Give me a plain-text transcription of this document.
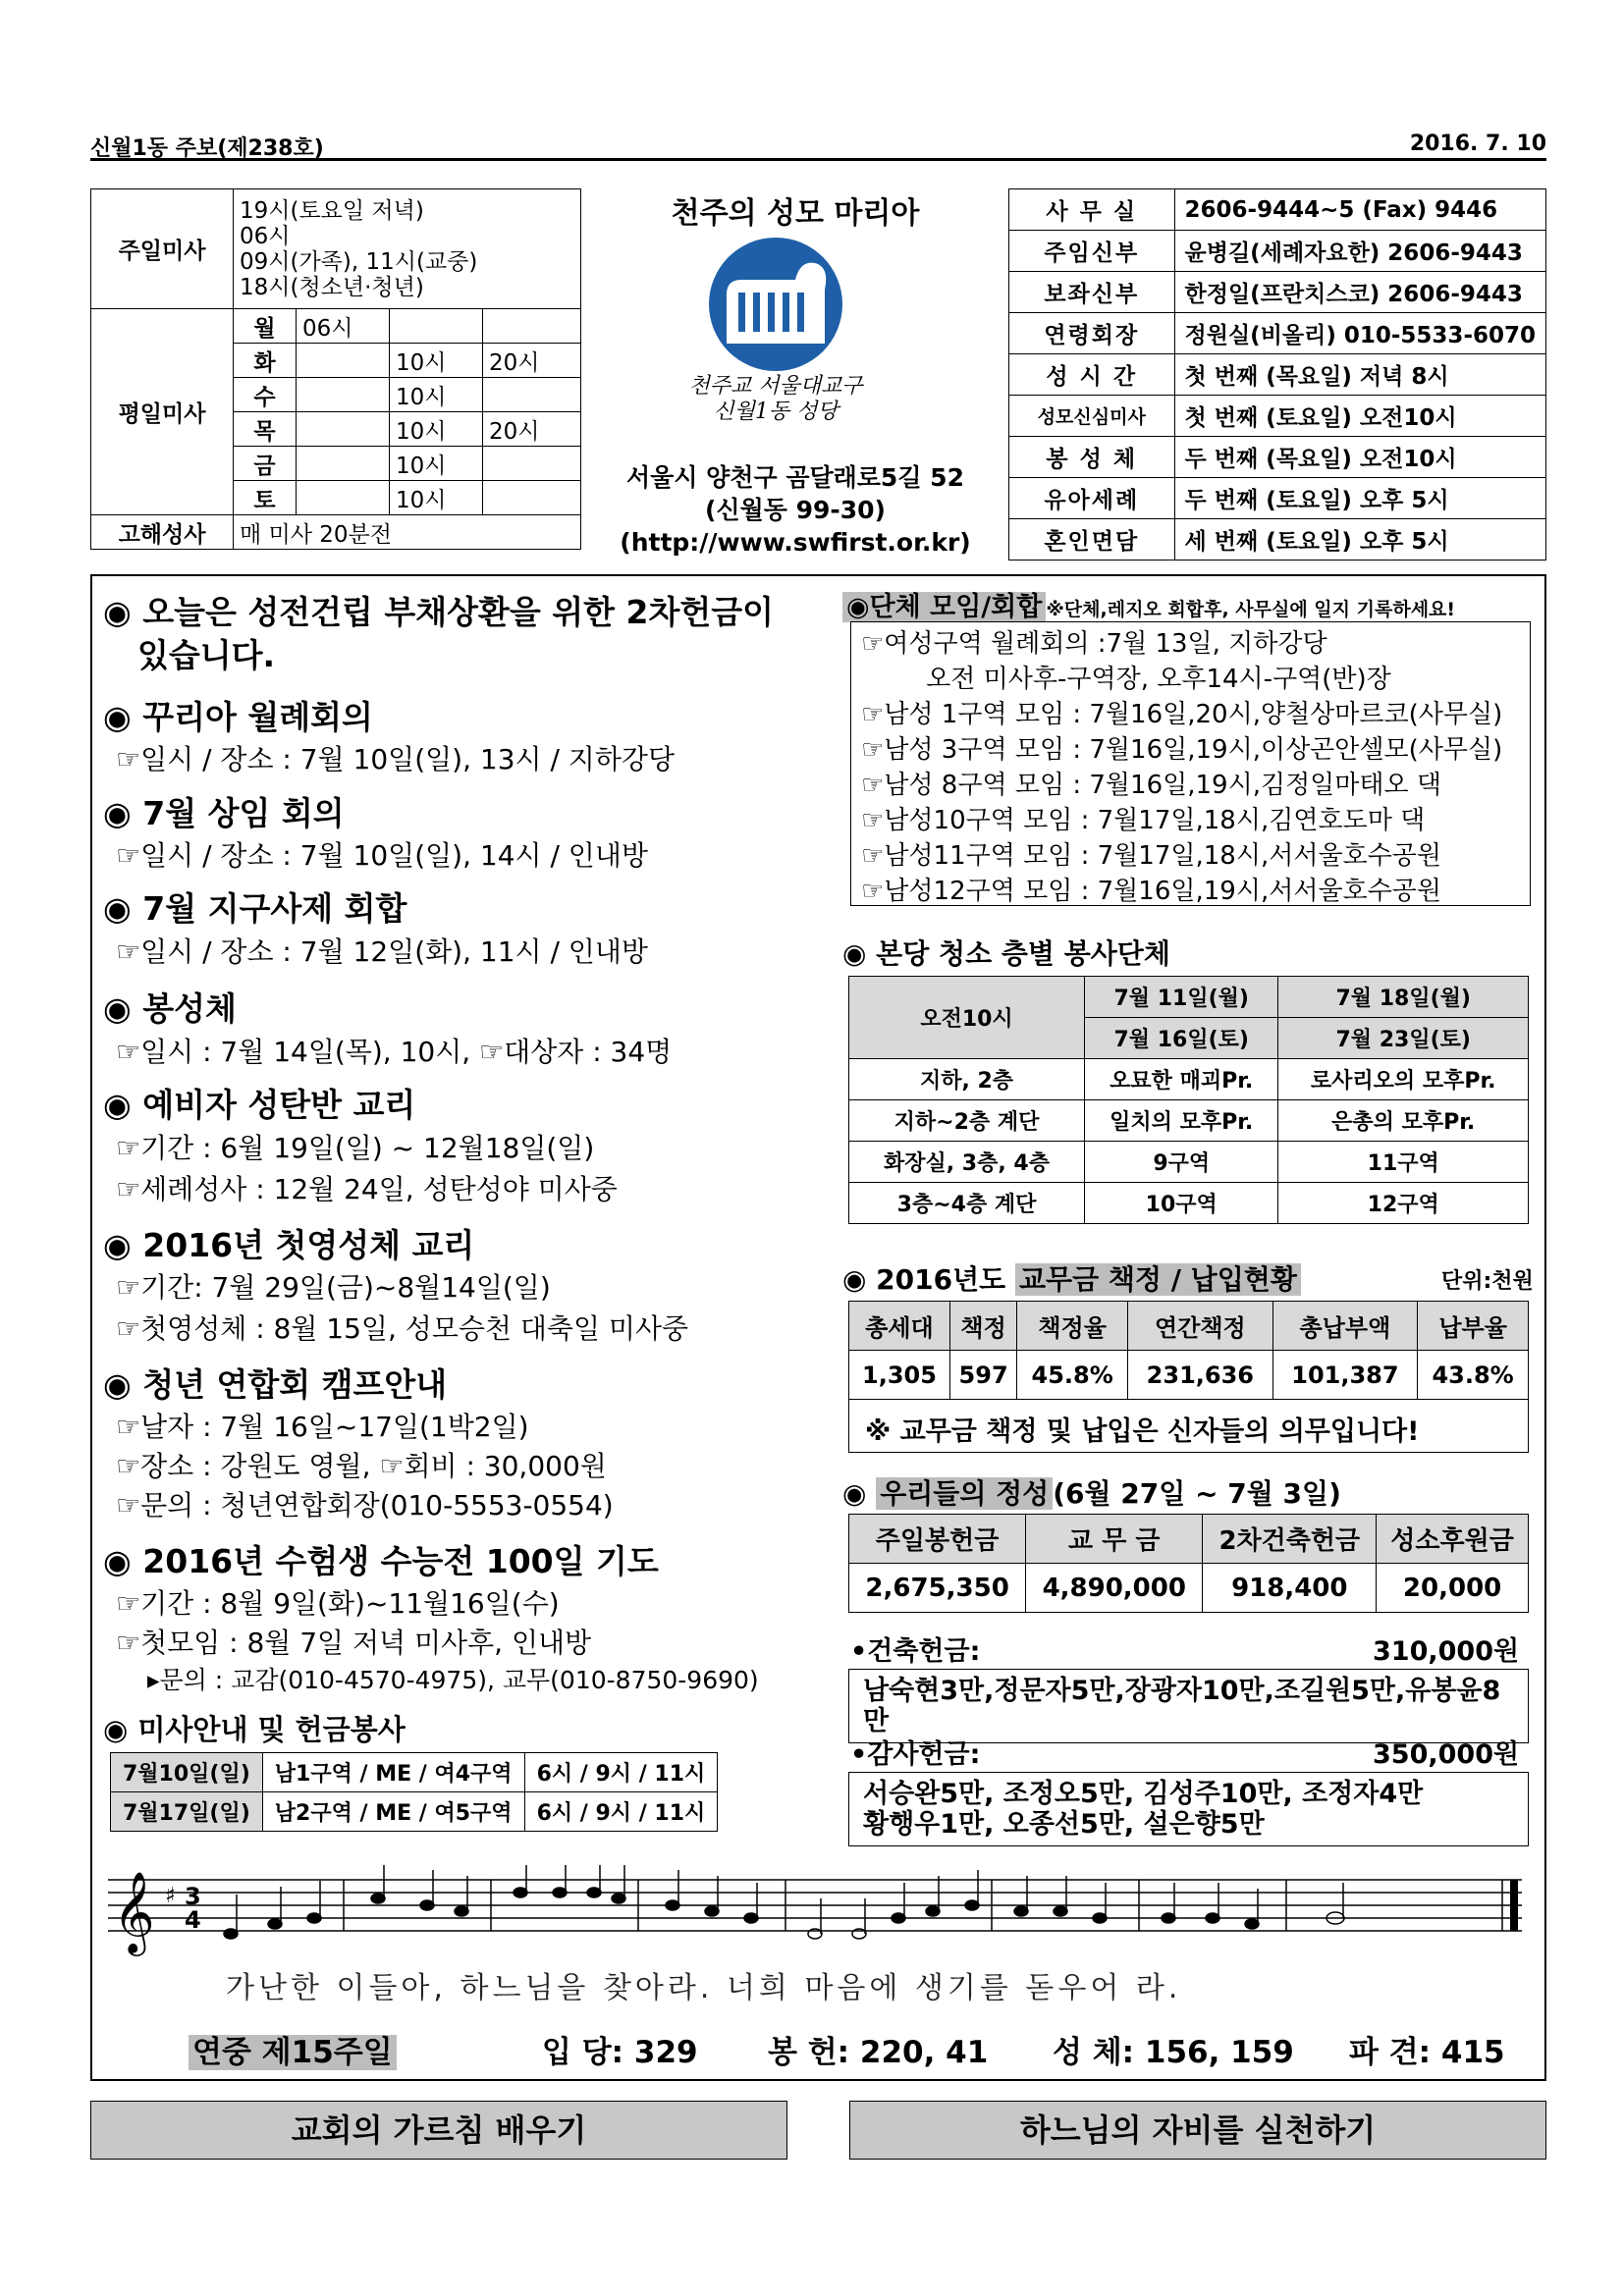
신월1동 주보(제238호)	2016. 7. 10
주일미사	19시(토요일 저녁)
06시
09시(가족), 11시(교중)
18시(청소년·청년)			

평일미사	월	06시		
	화		10시	20시
	수		10시	
	목		10시	20시
	금		10시	
	토		10시	
고해성사	매 미사 20분전			
천주의 성모 마리아
천주교 서울대교구
신월1동 성당
서울시 양천구 곰달래로5길 52
(신월동 99-30)
(http://www.swfirst.or.kr)
사 무 실	2606-9444~5 (Fax) 9446
주임신부	윤병길(세례자요한) 2606-9443
보좌신부	한정일(프란치스코) 2606-9443
연령회장	정원실(비올리) 010-5533-6070
성 시 간	첫 번째 (목요일) 저녁 8시
성모신심미사	첫 번째 (토요일) 오전10시
봉 성 체	두 번째 (목요일) 오전10시
유아세례	두 번째 (토요일) 오후 5시
혼인면담	세 번째 (토요일) 오후 5시
◉ 오늘은 성전건립 부채상환을 위한 2차헌금이
있습니다.
◉ 꾸리아 월례회의
☞일시 / 장소 : 7월 10일(일), 13시 / 지하강당
◉ 7월 상임 회의
☞일시 / 장소 : 7월 10일(일), 14시 / 인내방
◉ 7월 지구사제 회합
☞일시 / 장소 : 7월 12일(화), 11시 / 인내방
◉ 봉성체
☞일시 : 7월 14일(목), 10시, ☞대상자 : 34명
◉ 예비자 성탄반 교리
☞기간 : 6월 19일(일) ~ 12월18일(일)
☞세례성사 : 12월 24일, 성탄성야 미사중
◉ 2016년 첫영성체 교리
☞기간: 7월 29일(금)~8월14일(일)
☞첫영성체 : 8월 15일, 성모승천 대축일 미사중
◉ 청년 연합회 캠프안내
☞날자 : 7월 16일~17일(1박2일)
☞장소 : 강원도 영월, ☞회비 : 30,000원
☞문의 : 청년연합회장(010-5553-0554)
◉ 2016년 수험생 수능전 100일 기도
☞기간 : 8월 9일(화)~11월16일(수)
☞첫모임 : 8월 7일 저녁 미사후, 인내방
▸문의 : 교감(010-4570-4975), 교무(010-8750-9690)
◉ 미사안내 및 헌금봉사
7월10일(일)	남1구역 / ME / 여4구역	6시 / 9시 / 11시
7월17일(일)	남2구역 / ME / 여5구역	6시 / 9시 / 11시
◉단체 모임/회합 ※단체,레지오 회합후, 사무실에 일지 기록하세요!
☞여성구역 월례회의 :7월 13일, 지하강당
오전 미사후-구역장, 오후14시-구역(반)장
☞남성 1구역 모임 : 7월16일,20시,양철상마르코(사무실)
☞남성 3구역 모임 : 7월16일,19시,이상곤안셀모(사무실)
☞남성 8구역 모임 : 7월16일,19시,김정일마태오 댁
☞남성10구역 모임 : 7월17일,18시,김연호도마 댁
☞남성11구역 모임 : 7월17일,18시,서서울호수공원
☞남성12구역 모임 : 7월16일,19시,서서울호수공원
◉ 본당 청소 층별 봉사단체
오전10시	7월 11일(월)	7월 18일(월)
	7월 16일(토)	7월 23일(토)
지하, 2층	오묘한 매괴Pr.	로사리오의 모후Pr.
지하~2층 계단	일치의 모후Pr.	은총의 모후Pr.
화장실, 3층, 4층	9구역	11구역
3층~4층 계단	10구역	12구역
◉ 2016년도 교무금 책정 / 납입현황	단위:천원
총세대	책정	책정율	연간책정	총납부액	납부율
1,305	597	45.8%	231,636	101,387	43.8%
※ 교무금 책정 및 납입은 신자들의 의무입니다!
◉ 우리들의 정성 (6월 27일 ~ 7월 3일)
주일봉헌금	교 무 금	2차건축헌금	성소후원금
2,675,350	4,890,000	918,400	20,000
•건축헌금:	310,000원
남숙현3만,정문자5만,장광자10만,조길원5만,유봉윤8만
•감사헌금:	350,000원
서승완5만, 조정오5만, 김성주10만, 조정자4만
황행우1만, 오종선5만, 설은향5만
𝄞 ♯ 3
4
가난한 이들아, 하느님을 찾아라. 너희 마음에 생기를 돋우어 라.
연중 제15주일	입 당: 329 봉 헌: 220, 41 성 체: 156, 159 파 견: 415
교회의 가르침 배우기	하느님의 자비를 실천하기
